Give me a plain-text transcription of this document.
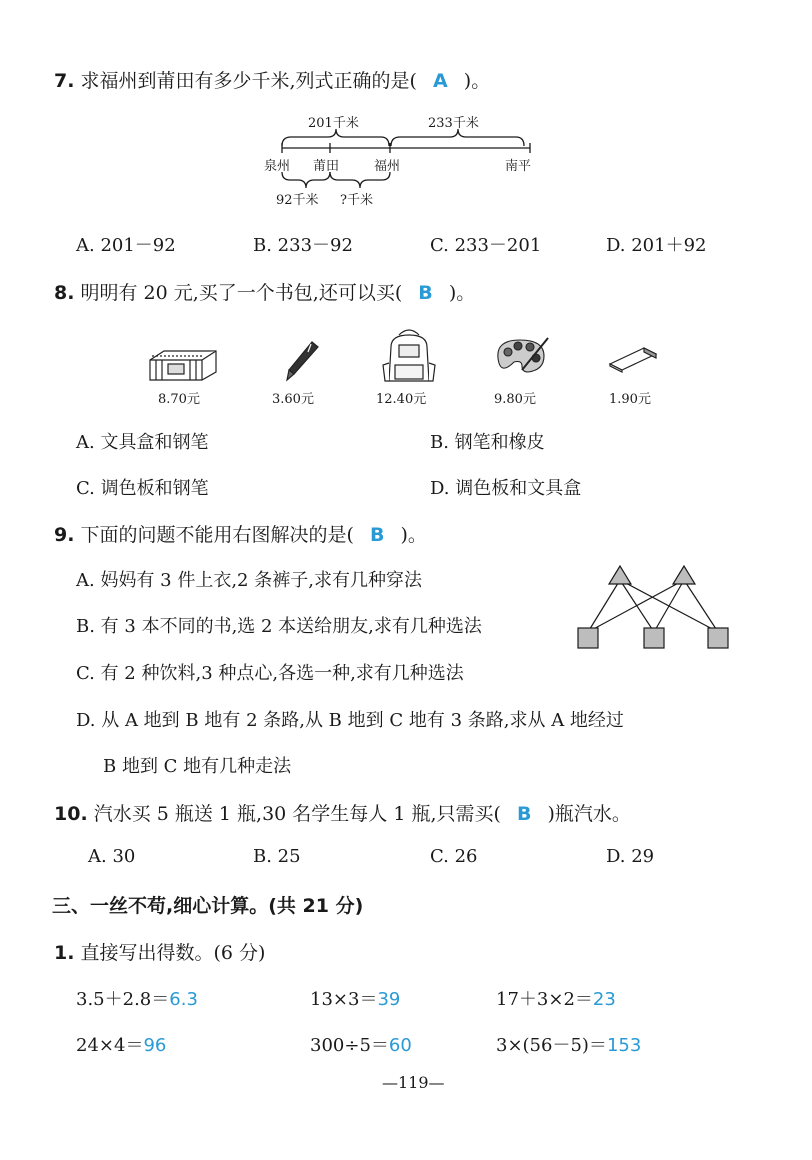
7. 求福州到莆田有多少千米,列式正确的是( A )。
201千米	233千米
泉州 莆田	福州	南平
92千米 ?千米
A. 201－92	B. 233－92	C. 233－201	D. 201＋92
8. 明明有 20 元,买了一个书包,还可以买( B )。
8.70元	3.60元	12.40元	9.80元	1.90元
A. 文具盒和钢笔	B. 钢笔和橡皮
C. 调色板和钢笔	D. 调色板和文具盒
9. 下面的问题不能用右图解决的是( B )。
A. 妈妈有 3 件上衣,2 条裤子,求有几种穿法
B. 有 3 本不同的书,选 2 本送给朋友,求有几种选法
C. 有 2 种饮料,3 种点心,各选一种,求有几种选法
D. 从 A 地到 B 地有 2 条路,从 B 地到 C 地有 3 条路,求从 A 地经过
B 地到 C 地有几种走法
10. 汽水买 5 瓶送 1 瓶,30 名学生每人 1 瓶,只需买( B )瓶汽水。
A. 30	B. 25	C. 26	D. 29
三、一丝不苟,细心计算。(共 21 分)
1. 直接写出得数。(6 分)
3.5＋2.8＝6.3	13×3＝39	17＋3×2＝23
24×4＝96	300÷5＝60	3×(56－5)＝153
—119—
